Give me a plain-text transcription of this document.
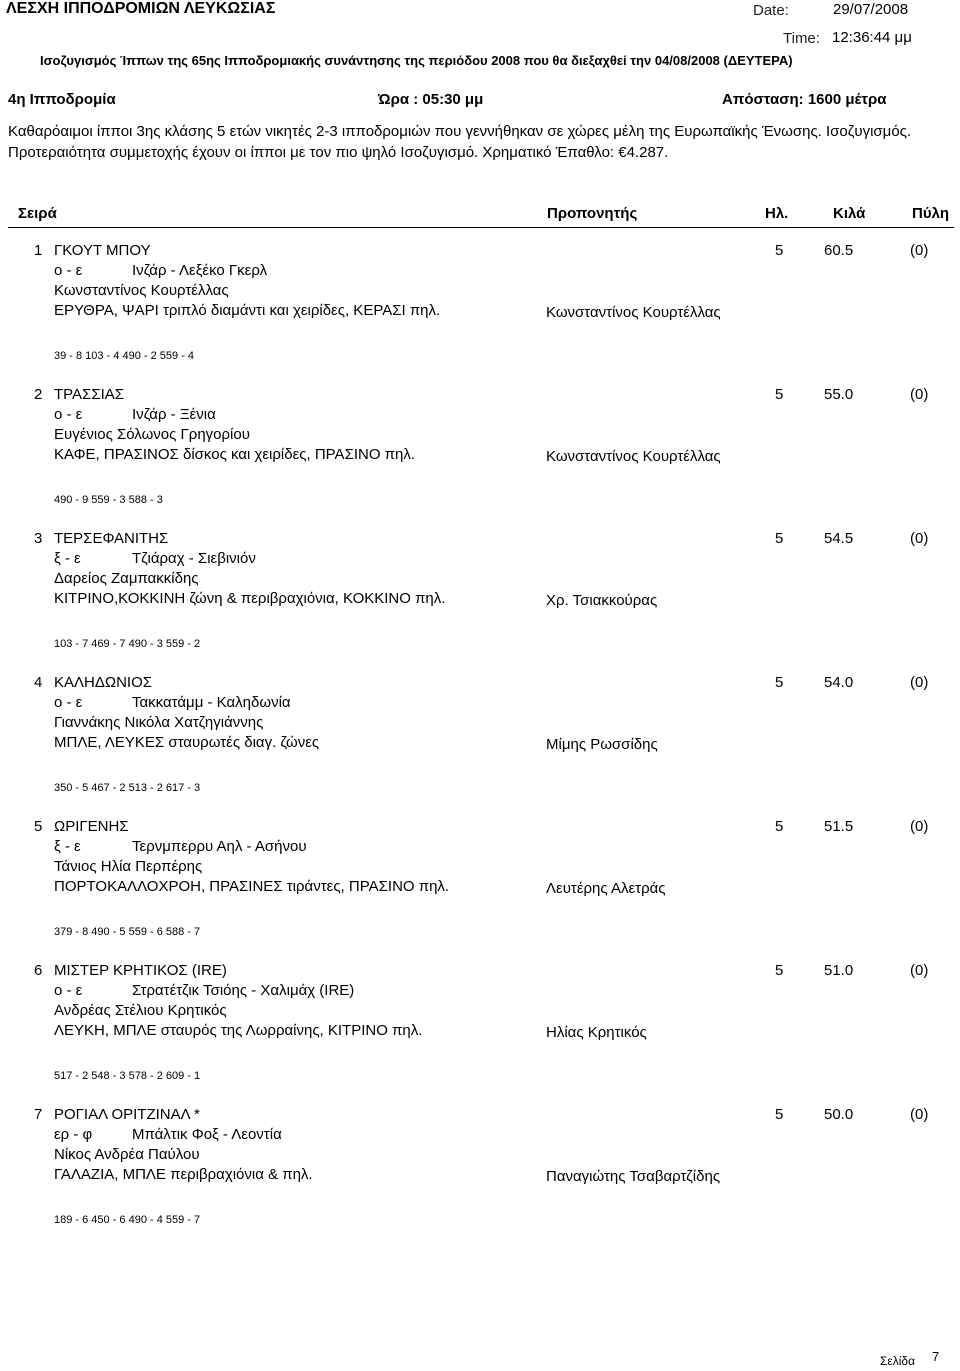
ΛΕΣΧΗ ΙΠΠΟΔΡΟΜΙΩΝ ΛΕΥΚΩΣΙΑΣ	Date:	29/07/2008
Time: 12:36:44 μμ
Ισοζυγισμός Ίππων της 65ης Ιπποδρομιακής συνάντησης της περιόδου 2008 που θα διεξαχθεί την 04/08/2008 (ΔΕΥΤΕΡΑ)
4η Ιπποδρομία	Ώρα : 05:30 μμ	Απόσταση: 1600 μέτρα
Καθαρόαιμοι ίπποι 3ης κλάσης 5 ετών νικητές 2-3 ιπποδρομιών που γεννήθηκαν σε χώρες μέλη της Ευρωπαϊκής Ένωσης. Ισοζυγισμός. Προτεραιότητα συμμετοχής έχουν οι ίπποι με τον πιο ψηλό Ισοζυγισμό. Χρηματικό Έπαθλο: €4.287.
Σειρά	Προπονητής	Ηλ.	Κιλά	Πύλη
1 ΓΚΟΥΤ ΜΠΟΥ	5	60.5	(0)
ο - ε	Ινζάρ - Λεξέκο Γκερλ
Κωνσταντίνος Κουρτέλλας
ΕΡΥΘΡΑ, ΨΑΡΙ τριπλό διαμάντι και χειρίδες, ΚΕΡΑΣΙ πηλ.	Κωνσταντίνος Κουρτέλλας
39 - 8 103 - 4 490 - 2 559 - 4
2 ΤΡΑΣΣΙΑΣ	5	55.0	(0)
ο - ε	Ινζάρ - Ξένια
Ευγένιος Σόλωνος Γρηγορίου
ΚΑΦΕ, ΠΡΑΣΙΝΟΣ δίσκος και χειρίδες, ΠΡΑΣΙΝΟ πηλ.	Κωνσταντίνος Κουρτέλλας
490 - 9 559 - 3 588 - 3
3 ΤΕΡΣΕΦΑΝΙΤΗΣ	5	54.5	(0)
ξ - ε	Τζιάραχ - Σιεβινιόν
Δαρείος Ζαμπακκίδης
ΚΙΤΡΙΝΟ,ΚΟΚΚΙΝΗ ζώνη & περιβραχιόνια, ΚΟΚΚΙΝΟ πηλ.	Χρ. Τσιακκούρας
103 - 7 469 - 7 490 - 3 559 - 2
4 ΚΑΛΗΔΩΝΙΟΣ	5	54.0	(0)
ο - ε	Τακκατάμμ - Καληδωνία
Γιαννάκης Νικόλα Χατζηγιάννης
ΜΠΛΕ, ΛΕΥΚΕΣ σταυρωτές διαγ. ζώνες	Μίμης Ρωσσίδης
350 - 5 467 - 2 513 - 2 617 - 3
5 ΩΡΙΓΕΝΗΣ	5	51.5	(0)
ξ - ε	Τερνμπερρυ Αηλ - Ασήνου
Τάνιος Ηλία Περπέρης
ΠΟΡΤΟΚΑΛΛΟΧΡΟΗ, ΠΡΑΣΙΝΕΣ τιράντες, ΠΡΑΣΙΝΟ πηλ.	Λευτέρης Αλετράς
379 - 8 490 - 5 559 - 6 588 - 7
6 ΜΙΣΤΕΡ ΚΡΗΤΙΚΟΣ (IRE)	5	51.0	(0)
ο - ε	Στρατέτζικ Τσιόης - Χαλιμάχ (IRE)
Ανδρέας Στέλιου Κρητικός
ΛΕΥΚΗ, ΜΠΛΕ σταυρός της Λωρραίνης, ΚΙΤΡΙΝΟ πηλ.	Ηλίας Κρητικός
517 - 2 548 - 3 578 - 2 609 - 1
7 ΡΟΓΙΑΛ ΟΡΙΤΖΙΝΑΛ *	5	50.0	(0)
ερ - φ	Μπάλτικ Φοξ - Λεοντία
Νίκος Ανδρέα Παύλου
ΓΑΛΑΖΙΑ, ΜΠΛΕ περιβραχιόνια & πηλ.	Παναγιώτης Τσαβαρτζίδης
189 - 6 450 - 6 490 - 4 559 - 7
Σελίδα 7
